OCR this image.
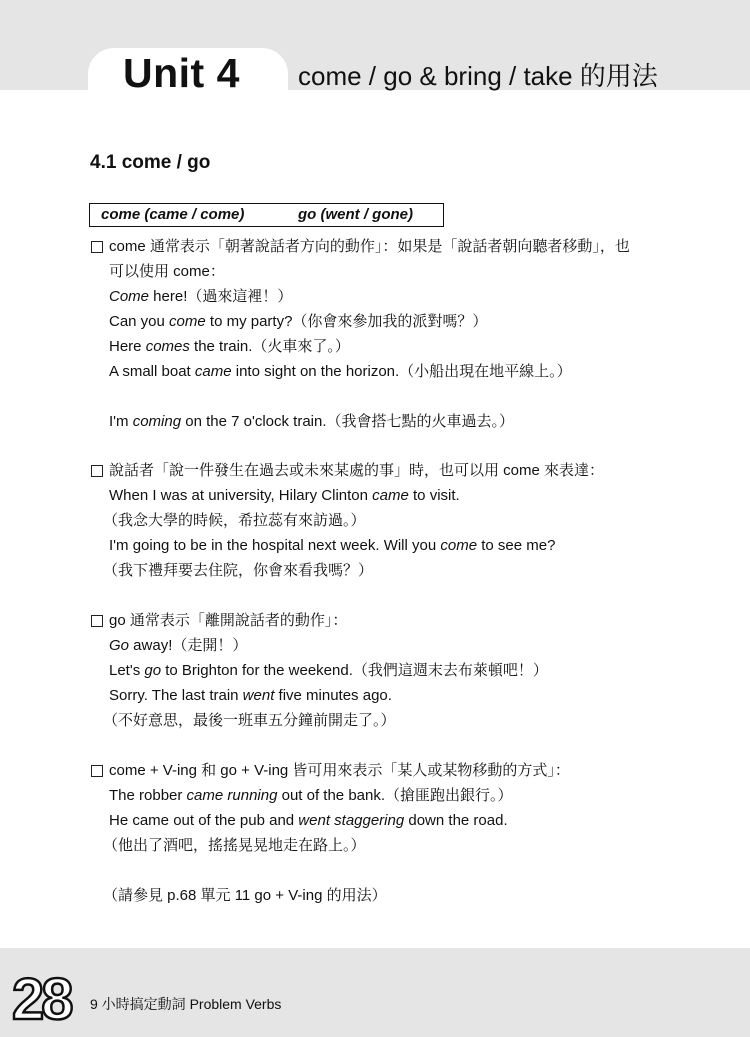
Unit 4 come / go & bring / take 的用法
4.1 come / go
come (came / come)	go (went / gone)
come 通常表示「朝著說話者方向的動作」：如果是「說話者朝向聽者移動」，也
可以使用 come：
Come here!（過來這裡！）
Can you come to my party?（你會來參加我的派對嗎？）
Here comes the train.（火車來了。）
A small boat came into sight on the horizon.（小船出現在地平線上。）
I'm coming on the 7 o'clock train.（我會搭七點的火車過去。）
說話者「說一件發生在過去或未來某處的事」時，也可以用 come 來表達：
When I was at university, Hilary Clinton came to visit.
（我念大學的時候，希拉蕊有來訪過。）
I'm going to be in the hospital next week. Will you come to see me?
（我下禮拜要去住院，你會來看我嗎？）
go 通常表示「離開說話者的動作」：
Go away!（走開！）
Let's go to Brighton for the weekend.（我們這週末去布萊頓吧！）
Sorry. The last train went five minutes ago.
（不好意思，最後一班車五分鐘前開走了。）
come + V-ing 和 go + V-ing 皆可用來表示「某人或某物移動的方式」：
The robber came running out of the bank.（搶匪跑出銀行。）
He came out of the pub and went staggering down the road.
（他出了酒吧，搖搖晃晃地走在路上。）
（請參見 p.68 單元 11 go + V-ing 的用法）
28 9 小時搞定動詞 Problem Verbs
